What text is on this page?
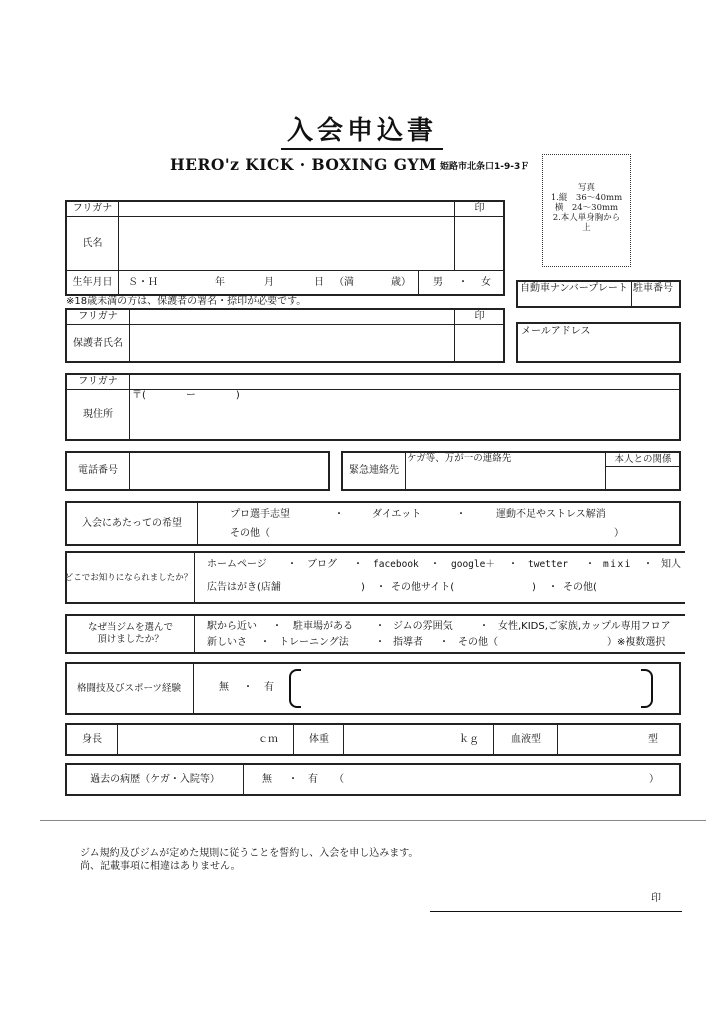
入会申込書
HERO'z KICK · BOXING GYM 姫路市北条口1-9-3Ｆ
写真
1.縦　36～40mm
横　24～30mm
2.本人単身胸から
上
フリガナ	印
氏名
生年月日	Ｓ・Ｈ	年	月	日 （満	歳） 男 ・ 女
※18歳未満の方は、保護者の署名・捺印が必要です。
自動車ナンバープレート 駐車番号
フリガナ	印
保護者氏名
メールアドレス
フリガナ
現住所
〒(　　　　ー　　　　)
電話番号	緊急連絡先
ケガ等、万が一の連絡先	本人との関係
入会にあたっての希望
プロ選手志望	・	ダイエット	・	運動不足やストレス解消
その他（	）
どこでお知りになられましたか？
ホームページ ・ ブログ ・ facebook ・ google＋ ・ twetter ・ mixi ・ 知人
広告はがき(店舗	) ・ その他サイト(	) ・ その他(
なぜ当ジムを選んで
頂けましたか？
駅から近い ・ 駐車場がある ・ ジムの雰囲気	・ 女性,KIDS,ご家族,カップル専用フロア
新しいさ ・ トレーニング法	・ 指導者 ・ その他（	）※複数選択
格闘技及びスポーツ経験	無 ・ 有
身長	ｃｍ	体重	ｋｇ	血液型	型
過去の病歴（ケガ・入院等）	無 ・ 有 （	）
ジム規約及びジムが定めた規則に従うことを誓約し、入会を申し込みます。
尚、記載事項に相違はありません。
印
